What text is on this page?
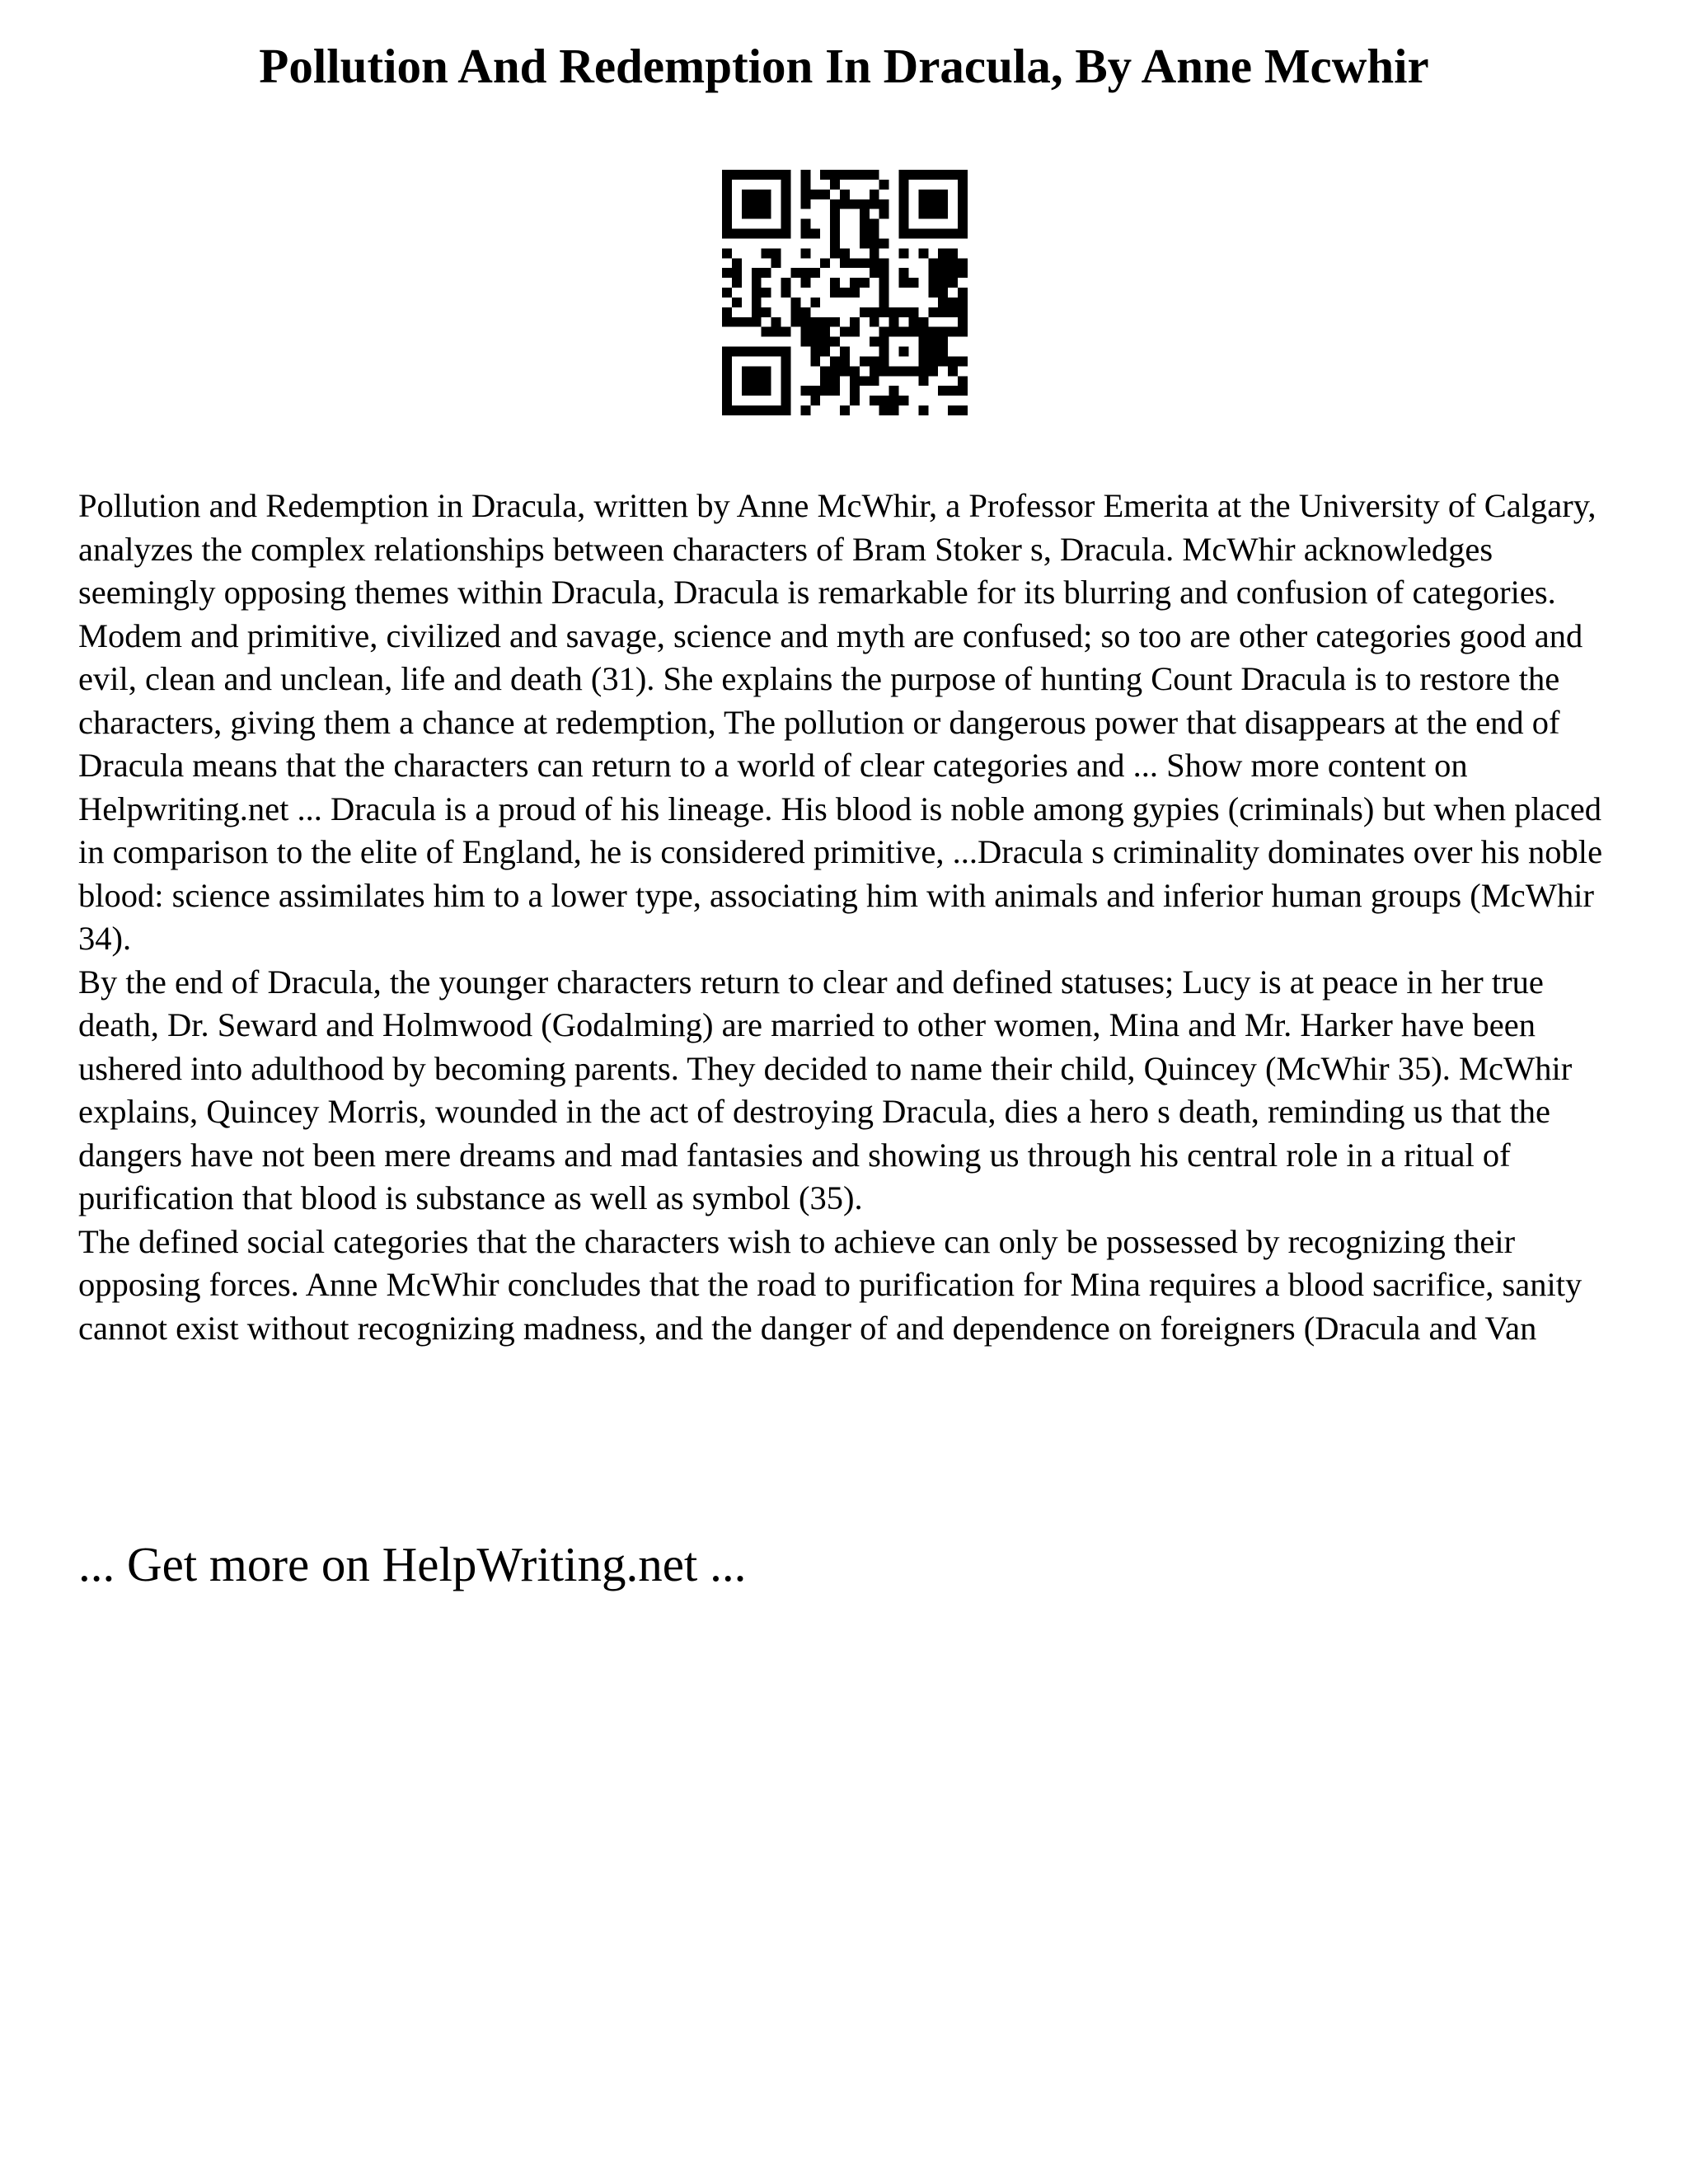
Pollution And Redemption In Dracula, By Anne Mcwhir

Pollution and Redemption in Dracula, written by Anne McWhir, a Professor Emerita at the University of Calgary, analyzes the complex relationships between characters of Bram Stoker s, Dracula. McWhir acknowledges seemingly opposing themes within Dracula, Dracula is remarkable for its blurring and confusion of categories. Modem and primitive, civilized and savage, science and myth are confused; so too are other categories good and evil, clean and unclean, life and death (31). She explains the purpose of hunting Count Dracula is to restore the characters, giving them a chance at redemption, The pollution or dangerous power that disappears at the end of Dracula means that the characters can return to a world of clear categories and ... Show more content on Helpwriting.net ... Dracula is a proud of his lineage. His blood is noble among gypies (criminals) but when placed in comparison to the elite of England, he is considered primitive, ...Dracula s criminality dominates over his noble blood: science assimilates him to a lower type, associating him with animals and inferior human groups (McWhir 34).

By the end of Dracula, the younger characters return to clear and defined statuses; Lucy is at peace in her true death, Dr. Seward and Holmwood (Godalming) are married to other women, Mina and Mr. Harker have been ushered into adulthood by becoming parents. They decided to name their child, Quincey (McWhir 35). McWhir explains, Quincey Morris, wounded in the act of destroying Dracula, dies a hero s death, reminding us that the dangers have not been mere dreams and mad fantasies and showing us through his central role in a ritual of purification that blood is substance as well as symbol (35).

The defined social categories that the characters wish to achieve can only be possessed by recognizing their opposing forces. Anne McWhir concludes that the road to purification for Mina requires a blood sacrifice, sanity cannot exist without recognizing madness, and the danger of and dependence on foreigners (Dracula and Van

... Get more on HelpWriting.net ...
